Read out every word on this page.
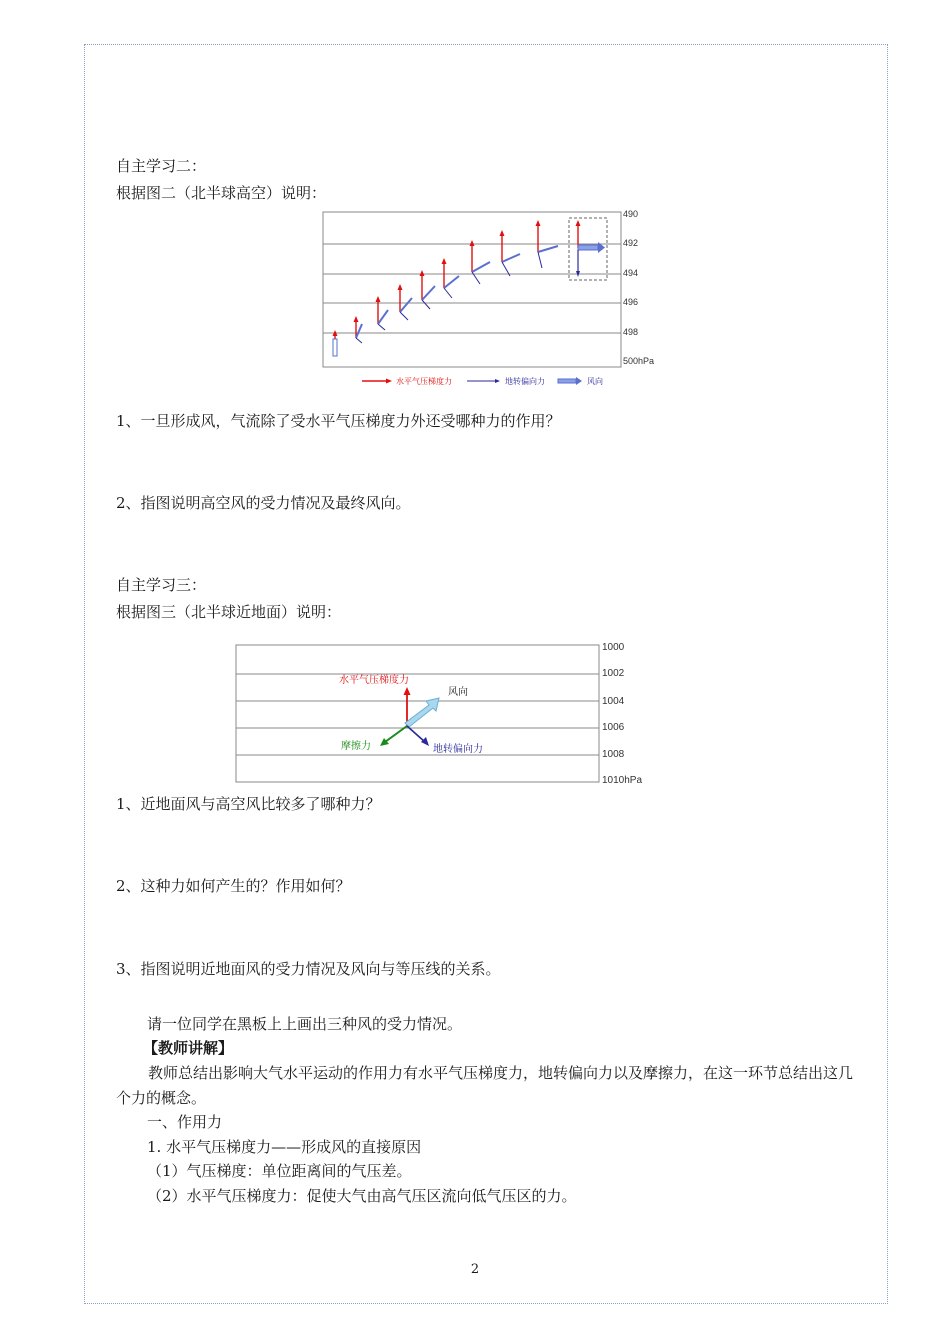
自主学习二：
根据图二（北半球高空）说明：
490
492
494
496
498
500hPa
水平气压梯度力	地转偏向力	风向
1、一旦形成风，气流除了受水平气压梯度力外还受哪种力的作用？
2、指图说明高空风的受力情况及最终风向。
自主学习三：
根据图三（北半球近地面）说明：
1000
1002
1004
1006
1008
1010hPa
水平气压梯度力
风向
摩擦力	地转偏向力
1、近地面风与高空风比较多了哪种力？
2、这种力如何产生的？作用如何？
3、指图说明近地面风的受力情况及风向与等压线的关系。
请一位同学在黑板上上画出三种风的受力情况。
【教师讲解】
教师总结出影响大气水平运动的作用力有水平气压梯度力，地转偏向力以及摩擦力，在这一环节总结出这几个力的概念。
一、作用力
1. 水平气压梯度力——形成风的直接原因
（1）气压梯度：单位距离间的气压差。
（2）水平气压梯度力：促使大气由高气压区流向低气压区的力。
2
